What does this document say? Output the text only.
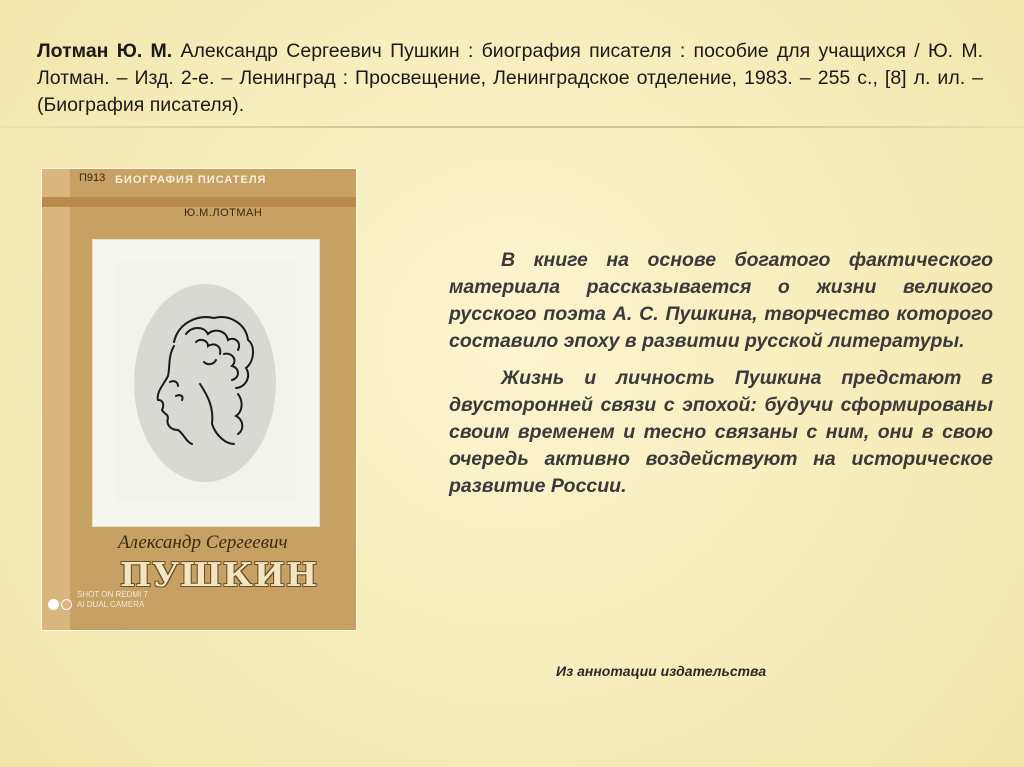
Лотман Ю. М. Александр Сергеевич Пушкин : биография писателя : пособие для учащихся / Ю. М. Лотман. – Изд. 2-е. – Ленинград : Просвещение, Ленинградское отделение, 1983. – 255 с., [8] л. ил. – (Биография писателя).
П913 БИОГРАФИЯ ПИСАТЕЛЯ
Ю.М.ЛОТМАН
Александр Сергеевич
ПУШКИН
SHOT ON REDMI 7
AI DUAL CAMERA

В книге на основе богатого фактического материала рассказывается о жизни великого русского поэта А. С. Пушкина, творчество которого составило эпоху в развитии русской литературы.

Жизнь и личность Пушкина предстают в двусторонней связи с эпохой: будучи сформированы своим временем и тесно связаны с ним, они в свою очередь активно воздействуют на историческое развитие России.

Из аннотации издательства
